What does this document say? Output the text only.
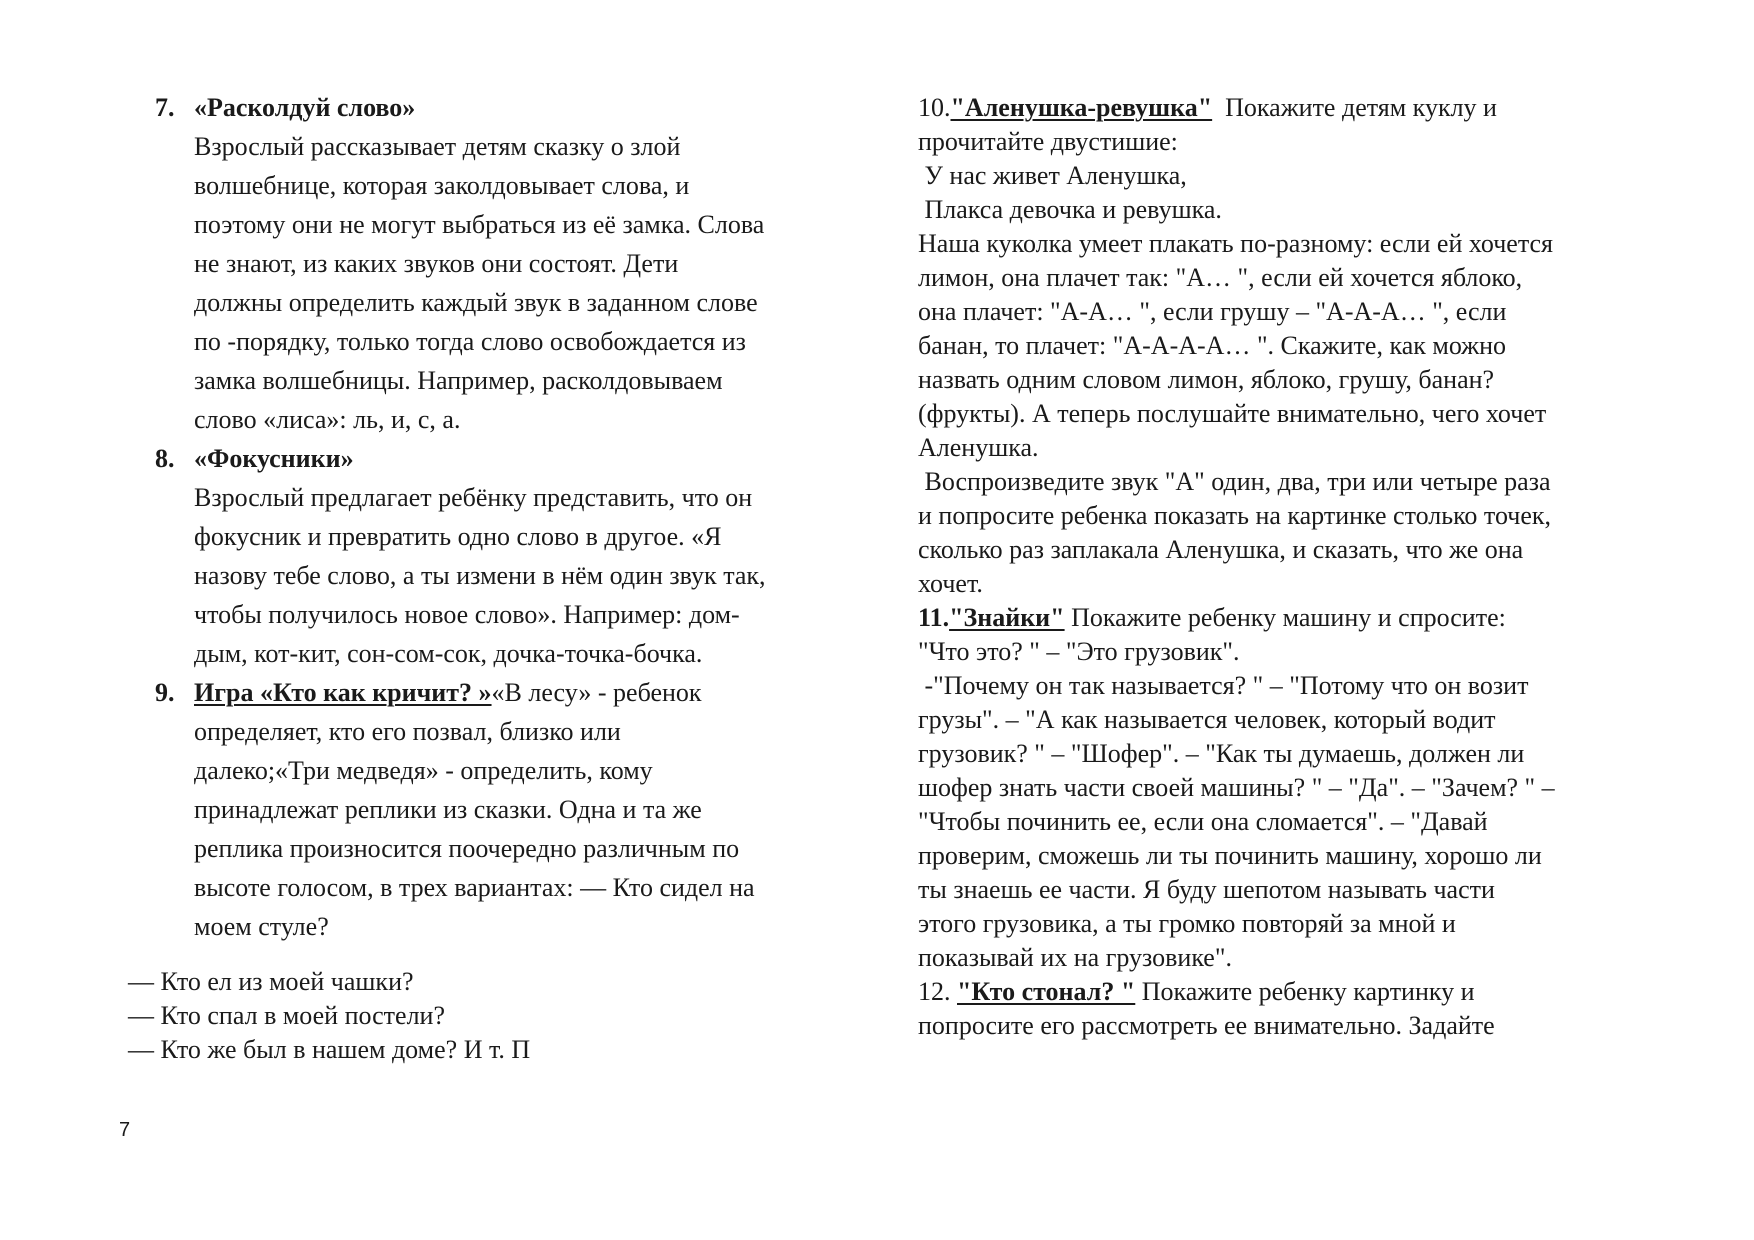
7. «Расколдуй слово»
Взрослый рассказывает детям сказку о злой
волшебнице, которая заколдовывает слова, и
поэтому они не могут выбраться из её замка. Слова
не знают, из каких звуков они состоят. Дети
должны определить каждый звук в заданном слове
по -порядку, только тогда слово освобождается из
замка волшебницы. Например, расколдовываем
слово «лиса»: ль, и, с, а.
8. «Фокусники»
Взрослый предлагает ребёнку представить, что он
фокусник и превратить одно слово в другое. «Я
назову тебе слово, а ты измени в нём один звук так,
чтобы получилось новое слово». Например: дом-
дым, кот-кит, сон-сом-сок, дочка-точка-бочка.
9. Игра «Кто как кричит? »«В лесу» - ребенок
определяет, кто его позвал, близко или
далеко;«Три медведя» - определить, кому
принадлежат реплики из сказки. Одна и та же
реплика произносится поочередно различным по
высоте голосом, в трех вариантах: — Кто сидел на
моем стуле?
— Кто ел из моей чашки?
— Кто спал в моей постели?
— Кто же был в нашем доме? И т. П
7
10."Аленушка-ревушка"  Покажите детям куклу и
прочитайте двустишие:
У нас живет Аленушка,
Плакса девочка и ревушка.
Наша куколка умеет плакать по-разному: если ей хочется
лимон, она плачет так: "А… ", если ей хочется яблоко,
она плачет: "А-А… ", если грушу – "А-А-А… ", если
банан, то плачет: "А-А-А-А… ". Скажите, как можно
назвать одним словом лимон, яблоко, грушу, банан?
(фрукты). А теперь послушайте внимательно, чего хочет
Аленушка.
Воспроизведите звук "А" один, два, три или четыре раза
и попросите ребенка показать на картинке столько точек,
сколько раз заплакала Аленушка, и сказать, что же она
хочет.
11."Знайки" Покажите ребенку машину и спросите:
"Что это? " – "Это грузовик".
-"Почему он так называется? " – "Потому что он возит
грузы". – "А как называется человек, который водит
грузовик? " – "Шофер". – "Как ты думаешь, должен ли
шофер знать части своей машины? " – "Да". – "Зачем? " –
"Чтобы починить ее, если она сломается". – "Давай
проверим, сможешь ли ты починить машину, хорошо ли
ты знаешь ее части. Я буду шепотом называть части
этого грузовика, а ты громко повторяй за мной и
показывай их на грузовике".
12. "Кто стонал? " Покажите ребенку картинку и
попросите его рассмотреть ее внимательно. Задайте
